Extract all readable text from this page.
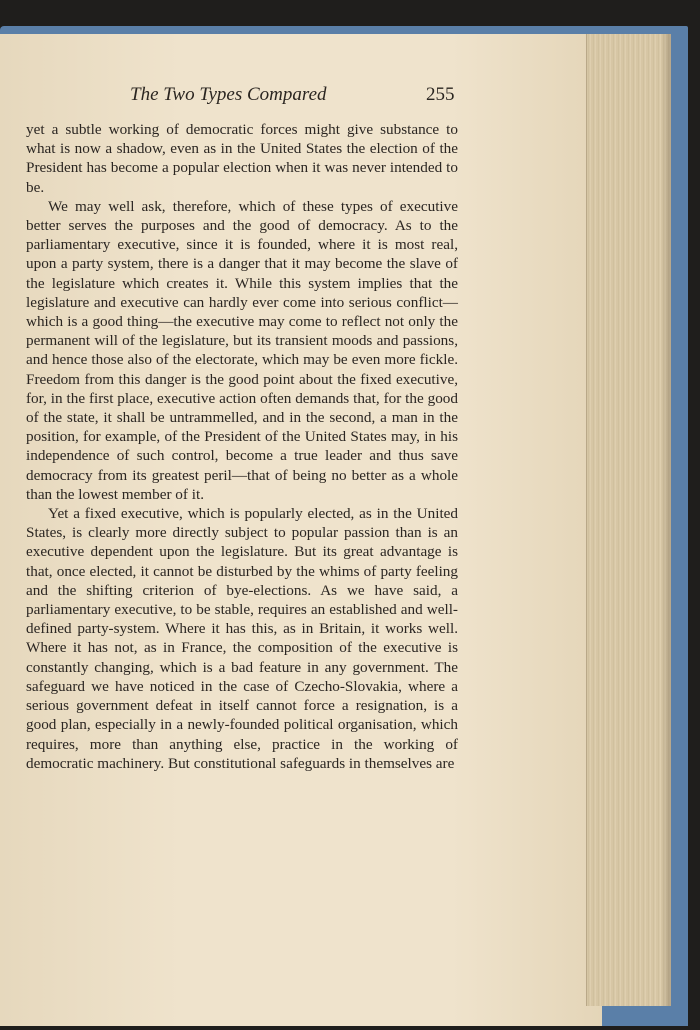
The Two Types Compared	255

yet a subtle working of democratic forces might give substance to what is now a shadow, even as in the United States the election of the President has become a popular election when it was never intended to be.

We may well ask, therefore, which of these types of executive better serves the purposes and the good of democracy. As to the parliamentary executive, since it is founded, where it is most real, upon a party system, there is a danger that it may become the slave of the legislature which creates it. While this system implies that the legislature and executive can hardly ever come into serious conflict—which is a good thing—the executive may come to reflect not only the permanent will of the legislature, but its transient moods and passions, and hence those also of the electorate, which may be even more fickle. Freedom from this danger is the good point about the fixed executive, for, in the first place, executive action often demands that, for the good of the state, it shall be untrammelled, and in the second, a man in the position, for example, of the President of the United States may, in his independence of such control, become a true leader and thus save democracy from its greatest peril—that of being no better as a whole than the lowest member of it.

Yet a fixed executive, which is popularly elected, as in the United States, is clearly more directly subject to popular passion than is an executive dependent upon the legislature. But its great advantage is that, once elected, it cannot be disturbed by the whims of party feeling and the shifting criterion of bye-elections. As we have said, a parliamentary executive, to be stable, requires an established and well-defined party-system. Where it has this, as in Britain, it works well. Where it has not, as in France, the composition of the executive is constantly changing, which is a bad feature in any government. The safeguard we have noticed in the case of Czecho-Slovakia, where a serious government defeat in itself cannot force a resignation, is a good plan, especially in a newly-founded political organisation, which requires, more than anything else, practice in the working of democratic machinery. But constitutional safeguards in themselves are
